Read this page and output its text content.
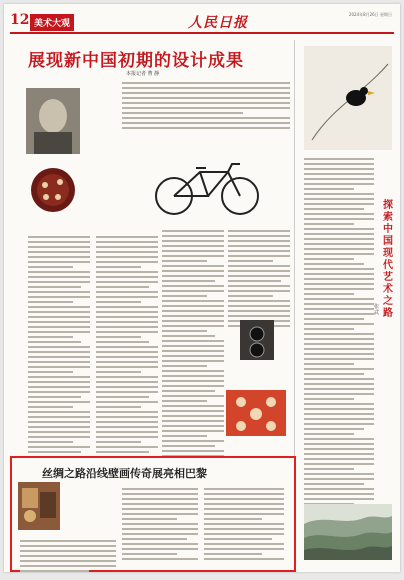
12 美术大观	人民日报
2024年8月26日 星期日
展现新中国初期的设计成果
本报记者 曹 静
探索中国现代艺术之路
张 武
丝绸之路沿线壁画传奇展亮相巴黎
